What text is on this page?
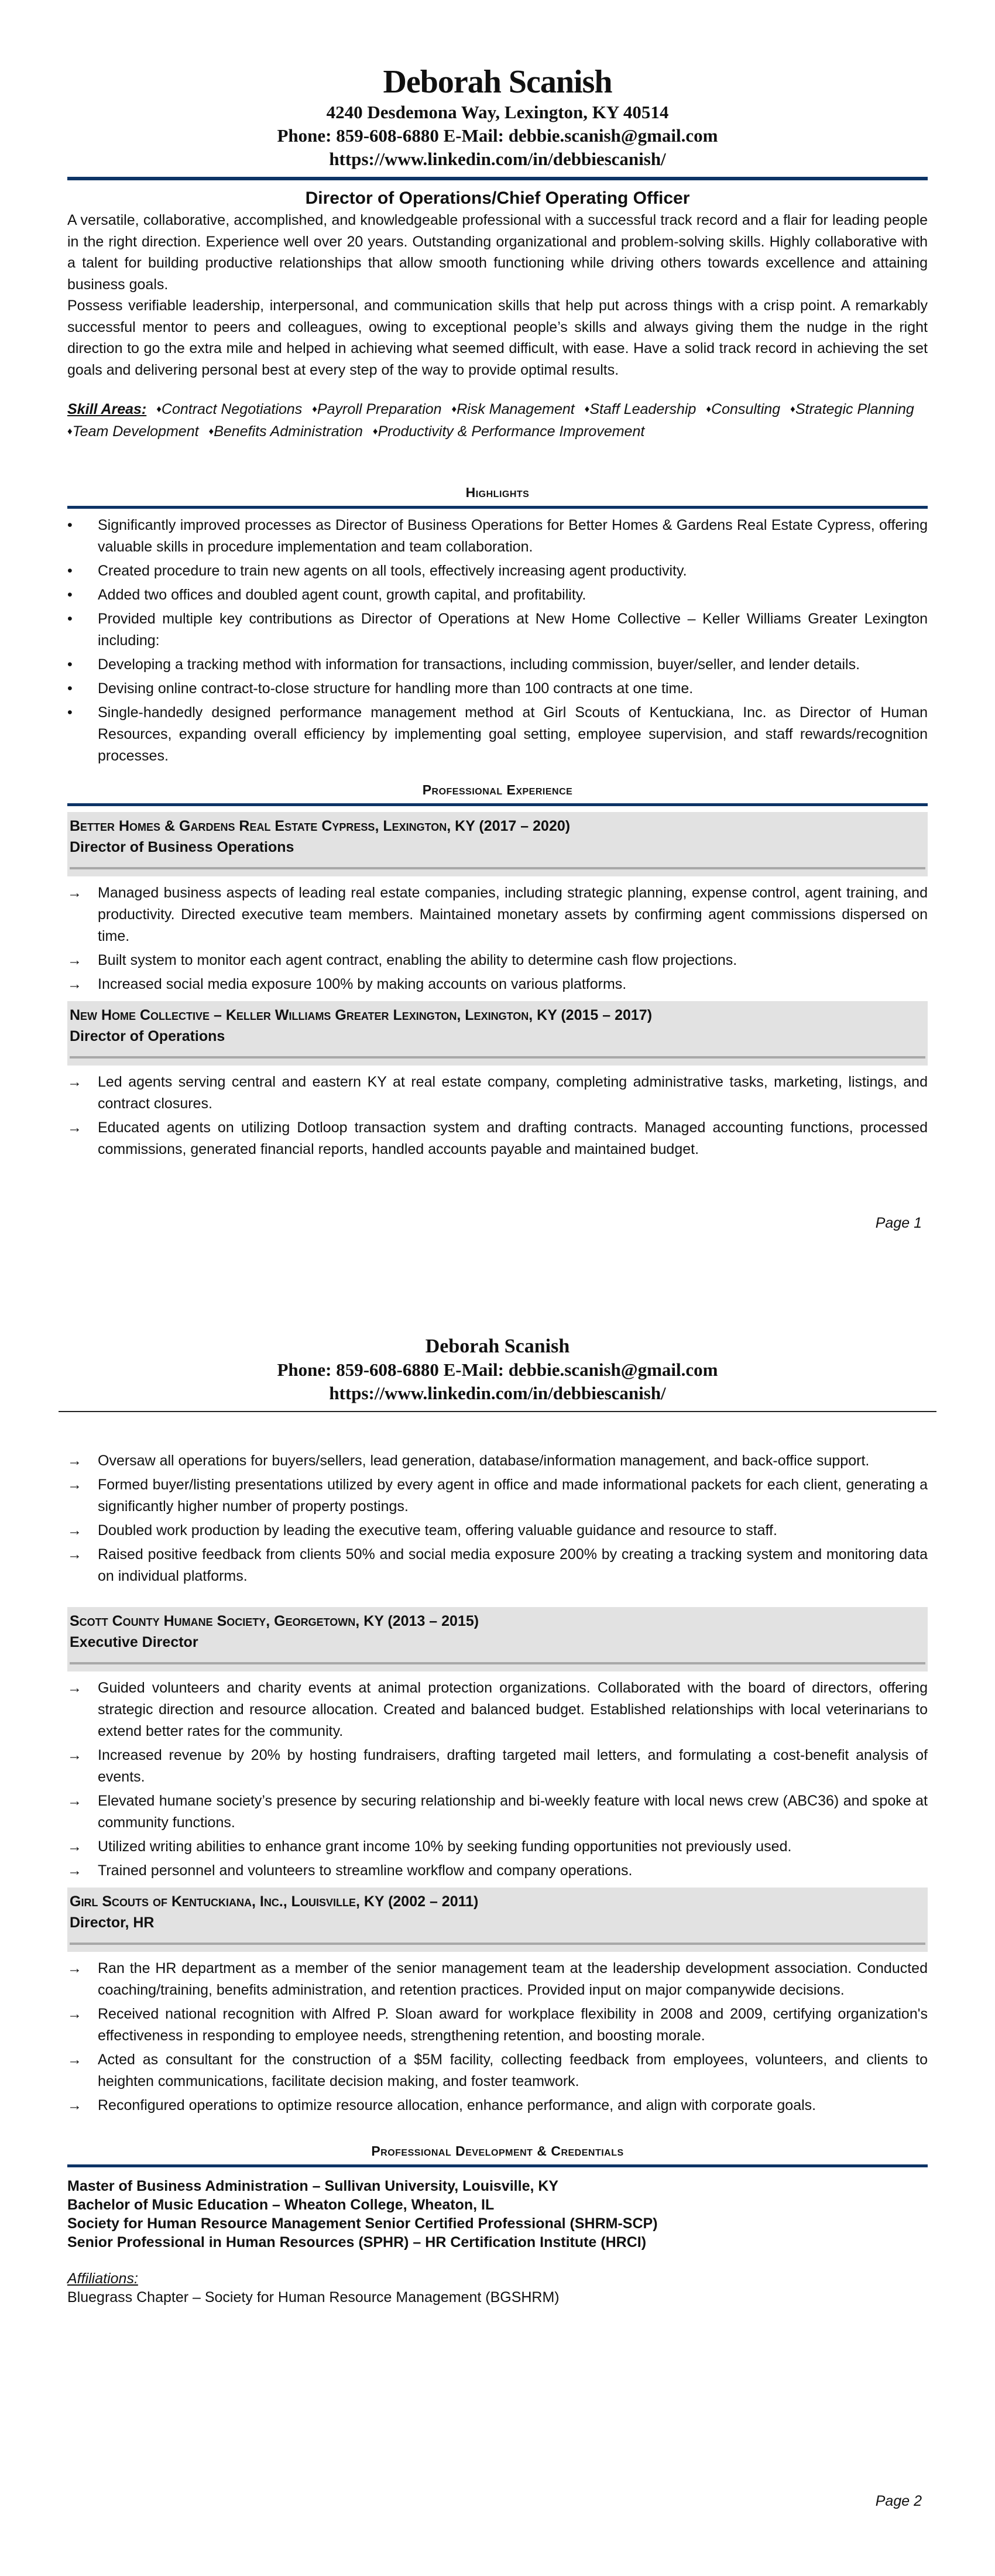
Deborah Scanish
4240 Desdemona Way, Lexington, KY 40514
Phone: 859-608-6880 E-Mail: debbie.scanish@gmail.com
https://www.linkedin.com/in/debbiescanish/
Director of Operations/Chief Operating Officer

A versatile, collaborative, accomplished, and knowledgeable professional with a successful track record and a flair for leading people in the right direction. Experience well over 20 years. Outstanding organizational and problem-solving skills. Highly collaborative with a talent for building productive relationships that allow smooth functioning while driving others towards excellence and attaining business goals.

Possess verifiable leadership, interpersonal, and communication skills that help put across things with a crisp point. A remarkably successful mentor to peers and colleagues, owing to exceptional people’s skills and always giving them the nudge in the right direction to go the extra mile and helped in achieving what seemed difficult, with ease. Have a solid track record in achieving the set goals and delivering personal best at every step of the way to provide optimal results.

Skill Areas: ♦Contract Negotiations ♦Payroll Preparation ♦Risk Management ♦Staff Leadership ♦Consulting ♦Strategic Planning ♦Team Development ♦Benefits Administration ♦Productivity & Performance Improvement
Highlights
•	Significantly improved processes as Director of Business Operations for Better Homes & Gardens Real Estate Cypress, offering valuable skills in procedure implementation and team collaboration.
•	Created procedure to train new agents on all tools, effectively increasing agent productivity.
•	Added two offices and doubled agent count, growth capital, and profitability.
•	Provided multiple key contributions as Director of Operations at New Home Collective – Keller Williams Greater Lexington including:
•	Developing a tracking method with information for transactions, including commission, buyer/seller, and lender details.
•	Devising online contract-to-close structure for handling more than 100 contracts at one time.
•	Single-handedly designed performance management method at Girl Scouts of Kentuckiana, Inc. as Director of Human Resources, expanding overall efficiency by implementing goal setting, employee supervision, and staff rewards/recognition processes.
Professional Experience
Better Homes & Gardens Real Estate Cypress, Lexington, KY (2017 – 2020)
Director of Business Operations
→	Managed business aspects of leading real estate companies, including strategic planning, expense control, agent training, and productivity. Directed executive team members. Maintained monetary assets by confirming agent commissions dispersed on time.
→	Built system to monitor each agent contract, enabling the ability to determine cash flow projections.
→	Increased social media exposure 100% by making accounts on various platforms.
New Home Collective – Keller Williams Greater Lexington, Lexington, KY (2015 – 2017)
Director of Operations
→	Led agents serving central and eastern KY at real estate company, completing administrative tasks, marketing, listings, and contract closures.
→	Educated agents on utilizing Dotloop transaction system and drafting contracts. Managed accounting functions, processed commissions, generated financial reports, handled accounts payable and maintained budget.
Page 1
Deborah Scanish
Phone: 859-608-6880 E-Mail: debbie.scanish@gmail.com
https://www.linkedin.com/in/debbiescanish/
→	Oversaw all operations for buyers/sellers, lead generation, database/information management, and back-office support.
→	Formed buyer/listing presentations utilized by every agent in office and made informational packets for each client, generating a significantly higher number of property postings.
→	Doubled work production by leading the executive team, offering valuable guidance and resource to staff.
→	Raised positive feedback from clients 50% and social media exposure 200% by creating a tracking system and monitoring data on individual platforms.
Scott County Humane Society, Georgetown, KY (2013 – 2015)
Executive Director
→	Guided volunteers and charity events at animal protection organizations. Collaborated with the board of directors, offering strategic direction and resource allocation. Created and balanced budget. Established relationships with local veterinarians to extend better rates for the community.
→	Increased revenue by 20% by hosting fundraisers, drafting targeted mail letters, and formulating a cost-benefit analysis of events.
→	Elevated humane society’s presence by securing relationship and bi-weekly feature with local news crew (ABC36) and spoke at community functions.
→	Utilized writing abilities to enhance grant income 10% by seeking funding opportunities not previously used.
→	Trained personnel and volunteers to streamline workflow and company operations.
Girl Scouts of Kentuckiana, Inc., Louisville, KY (2002 – 2011)
Director, HR
→	Ran the HR department as a member of the senior management team at the leadership development association. Conducted coaching/training, benefits administration, and retention practices. Provided input on major companywide decisions.
→	Received national recognition with Alfred P. Sloan award for workplace flexibility in 2008 and 2009, certifying organization's effectiveness in responding to employee needs, strengthening retention, and boosting morale.
→	Acted as consultant for the construction of a $5M facility, collecting feedback from employees, volunteers, and clients to heighten communications, facilitate decision making, and foster teamwork.
→	Reconfigured operations to optimize resource allocation, enhance performance, and align with corporate goals.
Professional Development & Credentials
Master of Business Administration – Sullivan University, Louisville, KY
Bachelor of Music Education – Wheaton College, Wheaton, IL
Society for Human Resource Management Senior Certified Professional (SHRM-SCP)
Senior Professional in Human Resources (SPHR) – HR Certification Institute (HRCI)
Affiliations:
Bluegrass Chapter – Society for Human Resource Management (BGSHRM)
Page 2
